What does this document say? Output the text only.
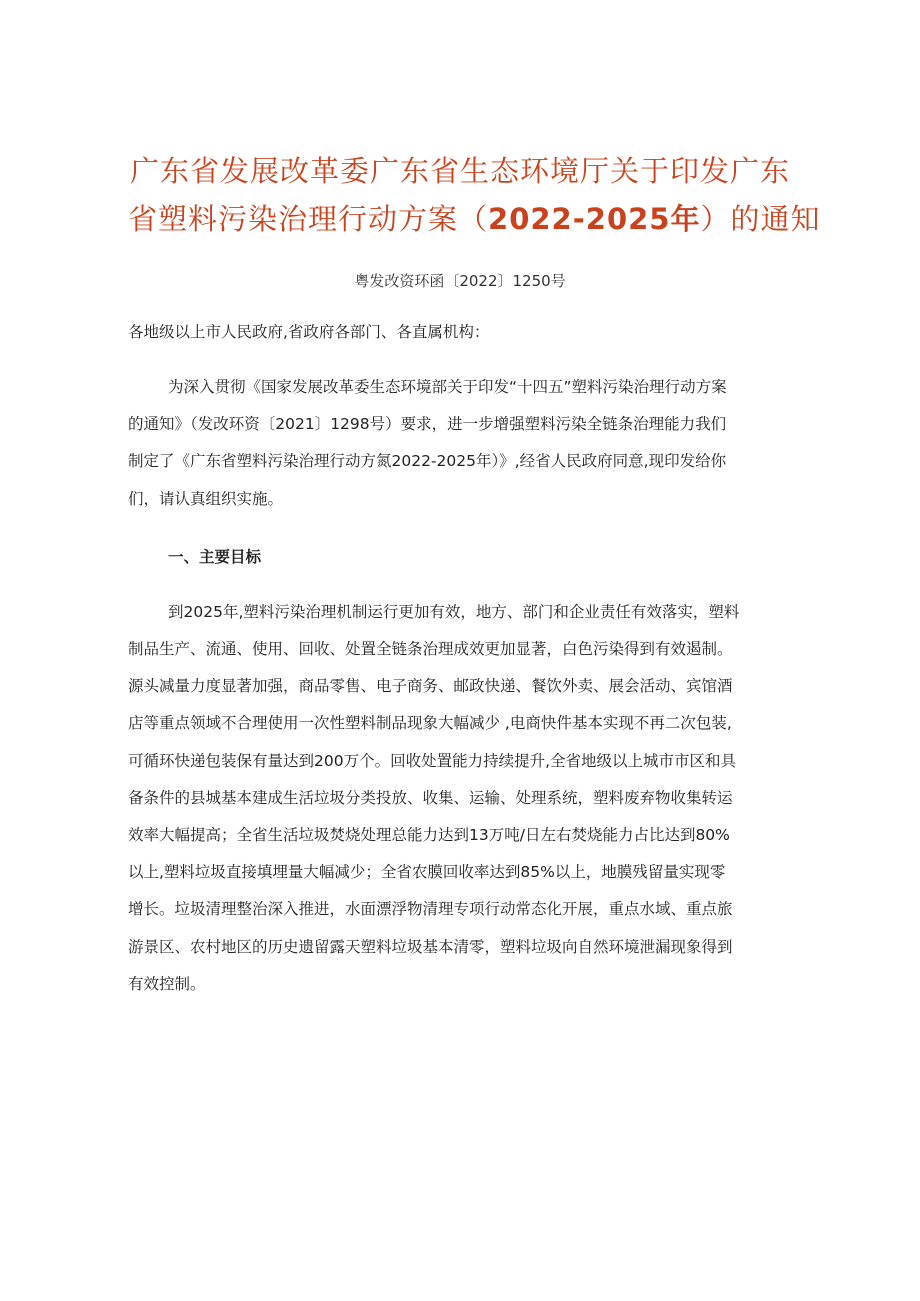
广东省发展改革委广东省生态环境厅关于印发广东
省塑料污染治理行动方案（2022-2025年）的通知

粤发改资环函〔2022〕1250号

各地级以上市人民政府,省政府各部门、各直属机构：

为深入贯彻《国家发展改革委生态环境部关于印发“十四五”塑料污染治理行动方案
的通知》（发改环资〔2021〕1298号）要求，进一步增强塑料污染全链条治理能力我们
制定了《广东省塑料污染治理行动方氮2022-2025年）》,经省人民政府同意,现印发给你
们，请认真组织实施。

一、主要目标

到2025年,塑料污染治理机制运行更加有效，地方、部门和企业责任有效落实，塑料
制品生产、流通、使用、回收、处置全链条治理成效更加显著，白色污染得到有效遏制。
源头减量力度显著加强，商品零售、电子商务、邮政快递、餐饮外卖、展会活动、宾馆酒
店等重点领域不合理使用一次性塑料制品现象大幅减少 ,电商快件基本实现不再二次包装,
可循环快递包装保有量达到200万个。回收处置能力持续提升,全省地级以上城市市区和具
备条件的县城基本建成生活垃圾分类投放、收集、运输、处理系统，塑料废弃物收集转运
效率大幅提高；全省生活垃圾焚烧处理总能力达到13万吨/日左右焚烧能力占比达到80%
以上,塑料垃圾直接填埋量大幅减少；全省农膜回收率达到85%以上，地膜残留量实现零
增长。垃圾清理整治深入推进，水面漂浮物清理专项行动常态化开展，重点水域、重点旅
游景区、农村地区的历史遗留露天塑料垃圾基本清零，塑料垃圾向自然环境泄漏现象得到
有效控制。
